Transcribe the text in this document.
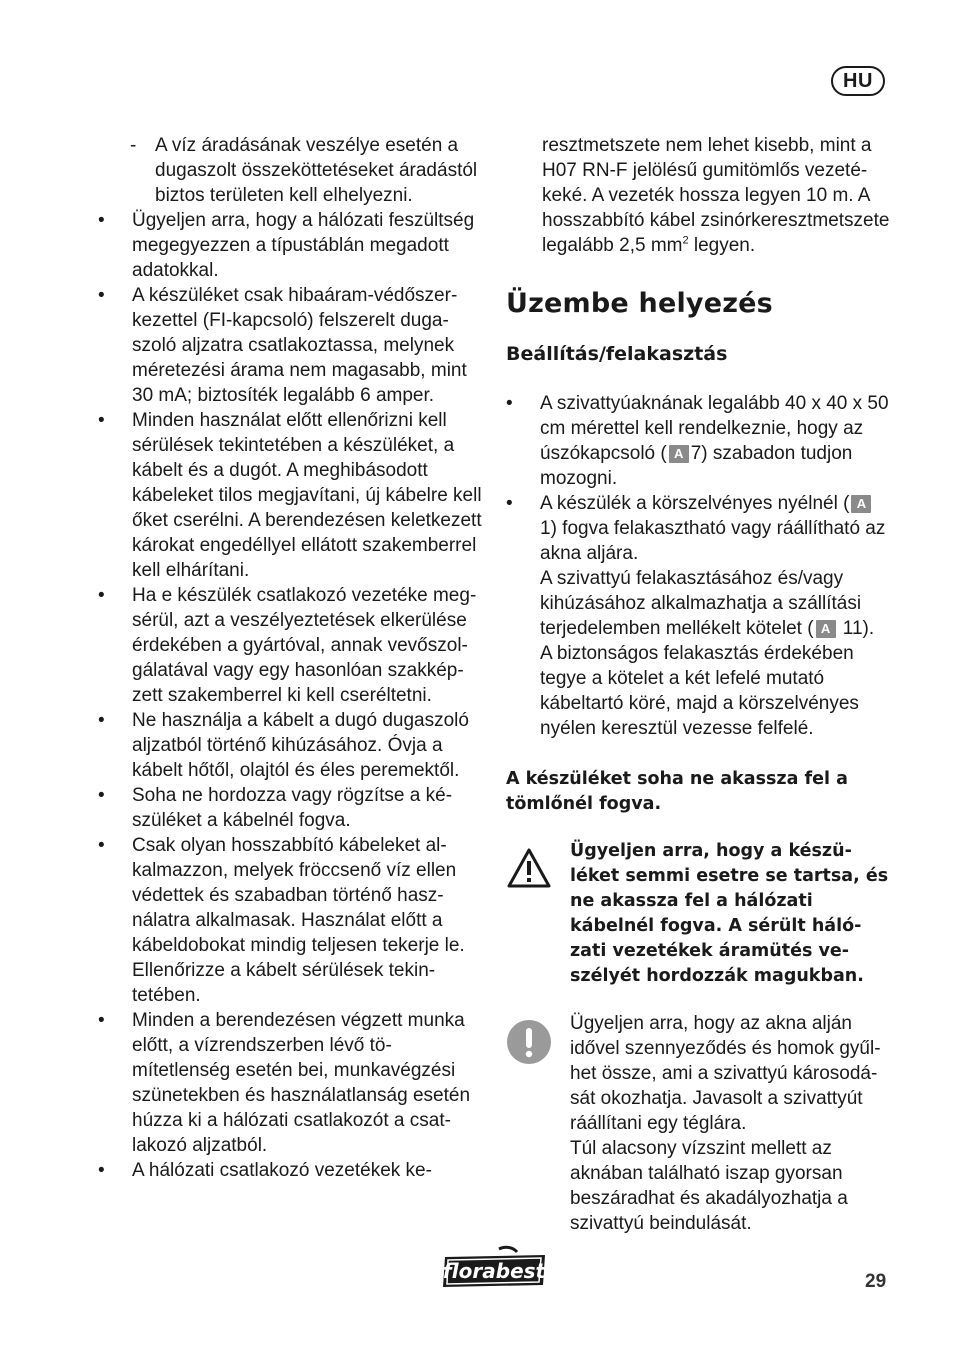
HU
- A víz áradásának veszélye esetén a dugaszolt összeköttetéseket áradástól biztos területen kell elhelyezni.
• Ügyeljen arra, hogy a hálózati feszültség megegyezzen a típustáblán megadott adatokkal.
• A készüléket csak hibaáram-védőszerkezettel (FI-kapcsoló) felszerelt dugaszoló aljzatra csatlakoztassa, melynek méretezési árama nem magasabb, mint 30 mA; biztosíték legalább 6 amper.
• Minden használat előtt ellenőrizni kell sérülések tekintetében a készüléket, a kábelt és a dugót. A meghibásodott kábeleket tilos megjavítani, új kábelre kell őket cserélni. A berendezésen keletkezett károkat engedéllyel ellátott szakemberrel kell elhárítani.
• Ha e készülék csatlakozó vezetéke megsérül, azt a veszélyeztetések elkerülése érdekében a gyártóval, annak vevőszolgálatával vagy egy hasonlóan szakképzett szakemberrel ki kell cseréltetni.
• Ne használja a kábelt a dugó dugaszoló aljzatból történő kihúzásához. Óvja a kábelt hőtől, olajtól és éles peremektől.
• Soha ne hordozza vagy rögzítse a készüléket a kábelnél fogva.
• Csak olyan hosszabbító kábeleket alkalmazzon, melyek fröccsenő víz ellen védettek és szabadban történő használatra alkalmasak. Használat előtt a kábeldobokat mindig teljesen tekerje le. Ellenőrizze a kábelt sérülések tekintetében.
• Minden a berendezésen végzett munka előtt, a vízrendszerben lévő tömítetlenség esetén bei, munkavégzési szünetekben és használatlanság esetén húzza ki a hálózati csatlakozót a csatlakozó aljzatból.
• A hálózati csatlakozó vezetékek ke-
resztmetszete nem lehet kisebb, mint a H07 RN-F jelölésű gumitömlős vezetékeké. A vezeték hossza legyen 10 m. A hosszabbító kábel zsinórkeresztmetszete legalább 2,5 $mm^2$ legyen.
Üzembe helyezés
Beállítás/felakasztás
• A szivattyúaknának legalább 40 x 40 x 50 cm mérettel kell rendelkeznie, hogy az úszókapcsoló ( A 7) szabadon tudjon mozogni.
• A készülék a körszelvényes nyélnél ( A 1) fogva felakasztható vagy ráállítható az akna aljára.
A szivattyú felakasztásához és/vagy kihúzásához alkalmazhatja a szállítási terjedelemben mellékelt kötelet ( A 11).
A biztonságos felakasztás érdekében tegye a kötelet a két lefelé mutató kábeltartó köré, majd a körszelvényes nyélen keresztül vezesse felfelé.
A készüléket soha ne akassza fel a tömlőnél fogva.
Ügyeljen arra, hogy a készüléket semmi esetre se tartsa, és ne akassza fel a hálózati kábelnél fogva. A sérült hálózati vezetékek áramütés veszélyét hordozzák magukban.
Ügyeljen arra, hogy az akna alján idővel szennyeződés és homok gyűlhet össze, ami a szivattyú károsodását okozhatja. Javasolt a szivattyút ráállítani egy téglára.
Túl alacsony vízszint mellett az aknában található iszap gyorsan beszáradhat és akadályozhatja a szivattyú beindulását.
florabest	29
